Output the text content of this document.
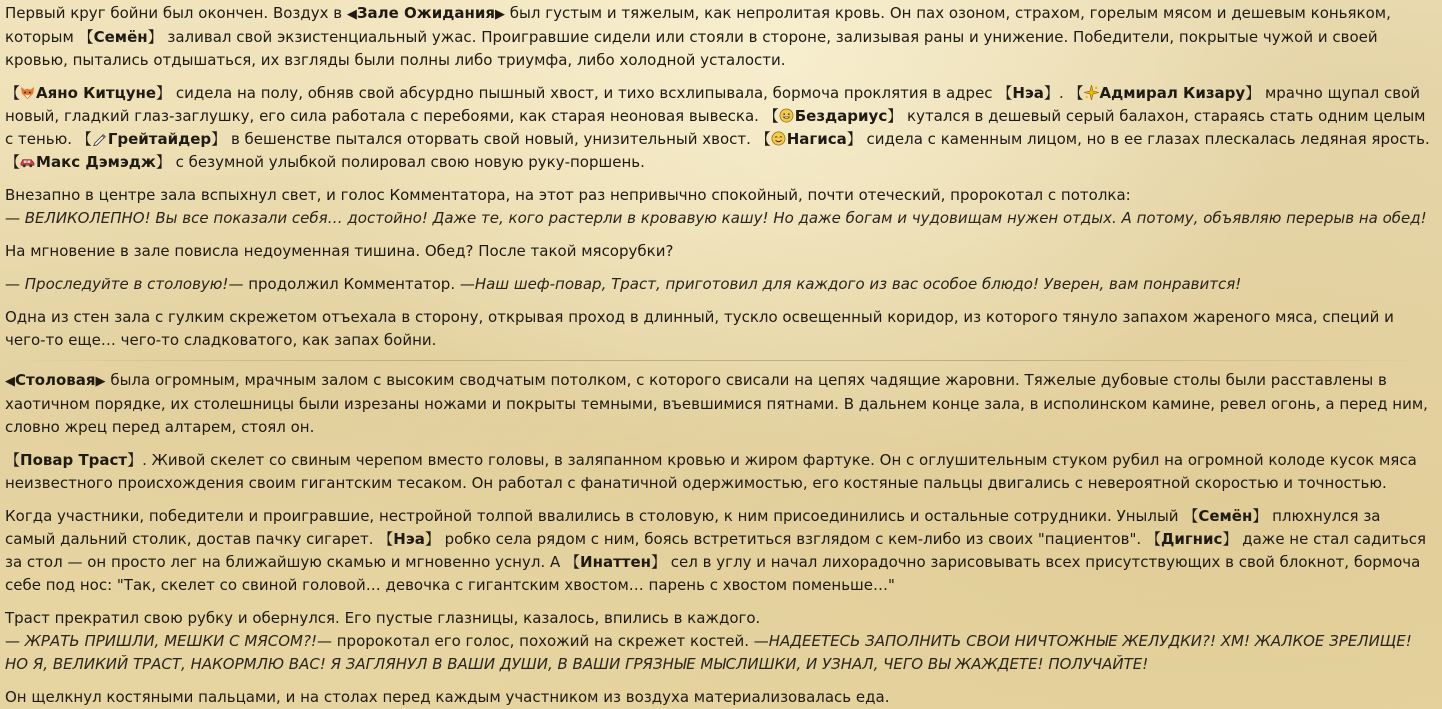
Первый круг бойни был окончен. Воздух в ◀Зале Ожидания▶ был густым и тяжелым, как непролитая кровь. Он пах озоном, страхом, горелым мясом и дешевым коньяком, которым 【Семён】 заливал свой экзистенциальный ужас. Проигравшие сидели или стояли в стороне, зализывая раны и унижение. Победители, покрытые чужой и своей кровью, пытались отдышаться, их взгляды были полны либо триумфа, либо холодной усталости.
【 Аяно Китцуне】 сидела на полу, обняв свой абсурдно пышный хвост, и тихо всхлипывала, бормоча проклятия в адрес 【Нэа】. 【 Адмирал Кизару】 мрачно щупал свой новый, гладкий глаз-заглушку, его сила работала с перебоями, как старая неоновая вывеска. 【 Бездариус】 кутался в дешевый серый балахон, стараясь стать одним целым с тенью. 【 Грейтайдер】 в бешенстве пытался оторвать свой новый, унизительный хвост. 【 Нагиса】 сидела с каменным лицом, но в ее глазах плескалась ледяная ярость. 【 Макс Дэмэдж】 с безумной улыбкой полировал свою новую руку-поршень.
Внезапно в центре зала вспыхнул свет, и голос Комментатора, на этот раз непривычно спокойный, почти отеческий, пророкотал с потолка:
— ВЕЛИКОЛЕПНО! Вы все показали себя… достойно! Даже те, кого растерли в кровавую кашу! Но даже богам и чудовищам нужен отдых. А потому, объявляю перерыв на обед!
На мгновение в зале повисла недоуменная тишина. Обед? После такой мясорубки?
— Проследуйте в столовую!— продолжил Комментатор. —Наш шеф-повар, Траст, приготовил для каждого из вас особое блюдо! Уверен, вам понравится!
Одна из стен зала с гулким скрежетом отъехала в сторону, открывая проход в длинный, тускло освещенный коридор, из которого тянуло запахом жареного мяса, специй и чего-то еще… чего-то сладковатого, как запах бойни.
◀Столовая▶ была огромным, мрачным залом с высоким сводчатым потолком, с которого свисали на цепях чадящие жаровни. Тяжелые дубовые столы были расставлены в хаотичном порядке, их столешницы были изрезаны ножами и покрыты темными, въевшимися пятнами. В дальнем конце зала, в исполинском камине, ревел огонь, а перед ним, словно жрец перед алтарем, стоял он.
【Повар Траст】. Живой скелет со свиным черепом вместо головы, в заляпанном кровью и жиром фартуке. Он с оглушительным стуком рубил на огромной колоде кусок мяса неизвестного происхождения своим гигантским тесаком. Он работал с фанатичной одержимостью, его костяные пальцы двигались с невероятной скоростью и точностью.
Когда участники, победители и проигравшие, нестройной толпой ввалились в столовую, к ним присоединились и остальные сотрудники. Унылый 【Семён】 плюхнулся за самый дальний столик, достав пачку сигарет. 【Нэа】 робко села рядом с ним, боясь встретиться взглядом с кем-либо из своих "пациентов". 【Дигнис】 даже не стал садиться за стол — он просто лег на ближайшую скамью и мгновенно уснул. А 【Инаттен】 сел в углу и начал лихорадочно зарисовывать всех присутствующих в свой блокнот, бормоча себе под нос: "Так, скелет со свиной головой… девочка с гигантским хвостом… парень с хвостом поменьше…"
Траст прекратил свою рубку и обернулся. Его пустые глазницы, казалось, впились в каждого.
— ЖРАТЬ ПРИШЛИ, МЕШКИ С МЯСОМ?!— пророкотал его голос, похожий на скрежет костей. —НАДЕЕТЕСЬ ЗАПОЛНИТЬ СВОИ НИЧТОЖНЫЕ ЖЕЛУДКИ?! ХМ! ЖАЛКОЕ ЗРЕЛИЩЕ! НО Я, ВЕЛИКИЙ ТРАСТ, НАКОРМЛЮ ВАС! Я ЗАГЛЯНУЛ В ВАШИ ДУШИ, В ВАШИ ГРЯЗНЫЕ МЫСЛИШКИ, И УЗНАЛ, ЧЕГО ВЫ ЖАЖДЕТЕ! ПОЛУЧАЙТЕ!
Он щелкнул костяными пальцами, и на столах перед каждым участником из воздуха материализовалась еда.
